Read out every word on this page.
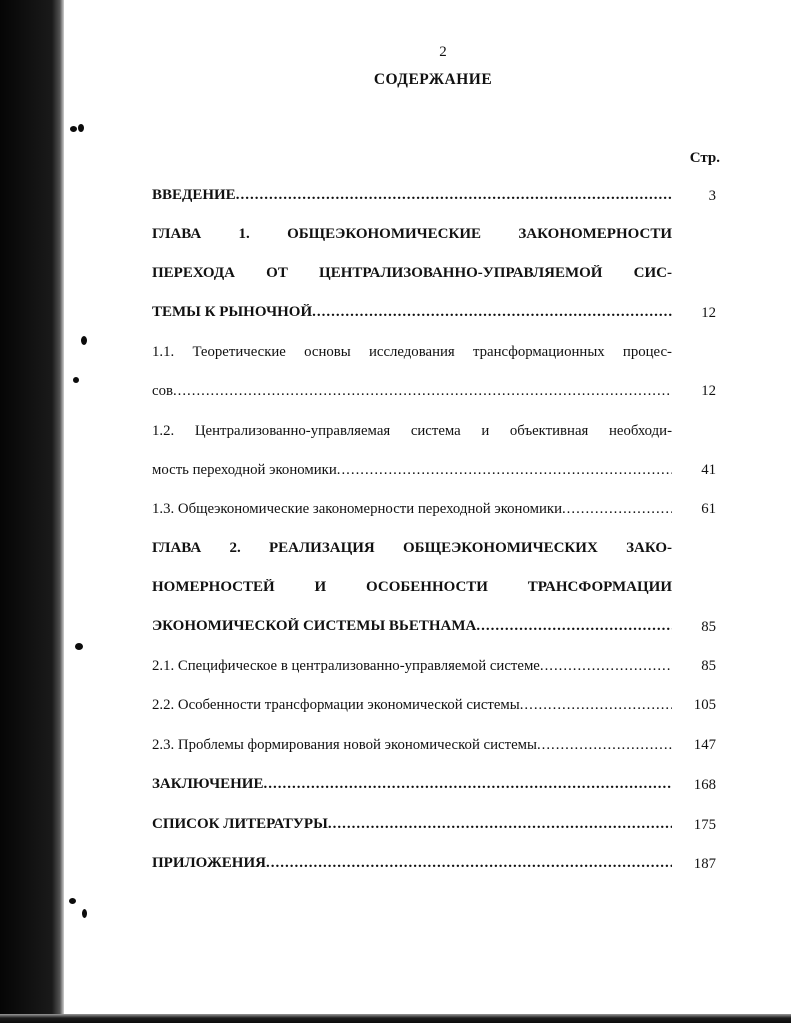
2
СОДЕРЖАНИЕ
Стр.
ВВЕДЕНИЕ .....	3
ГЛАВА 1. ОБЩЕЭКОНОМИЧЕСКИЕ ЗАКОНОМЕРНОСТИ
ПЕРЕХОДА ОТ ЦЕНТРАЛИЗОВАННО-УПРАВЛЯЕМОЙ СИС-
ТЕМЫ К РЫНОЧНОЙ .....	12
1.1. Теоретические основы исследования трансформационных процес-
сов .....	12
1.2. Централизованно-управляемая система и объективная необходи-
мость переходной экономики .....	41
1.3. Общеэкономические закономерности переходной экономики .....	61
ГЛАВА 2. РЕАЛИЗАЦИЯ ОБЩЕЭКОНОМИЧЕСКИХ ЗАКО-
НОМЕРНОСТЕЙ И ОСОБЕННОСТИ ТРАНСФОРМАЦИИ
ЭКОНОМИЧЕСКОЙ СИСТЕМЫ ВЬЕТНАМА .....	85
2.1. Специфическое в централизованно-управляемой системе .....	85
2.2. Особенности трансформации экономической системы .....	105
2.3. Проблемы формирования новой экономической системы .....	147
ЗАКЛЮЧЕНИЕ .....	168
СПИСОК ЛИТЕРАТУРЫ .....	175
ПРИЛОЖЕНИЯ .....	187
